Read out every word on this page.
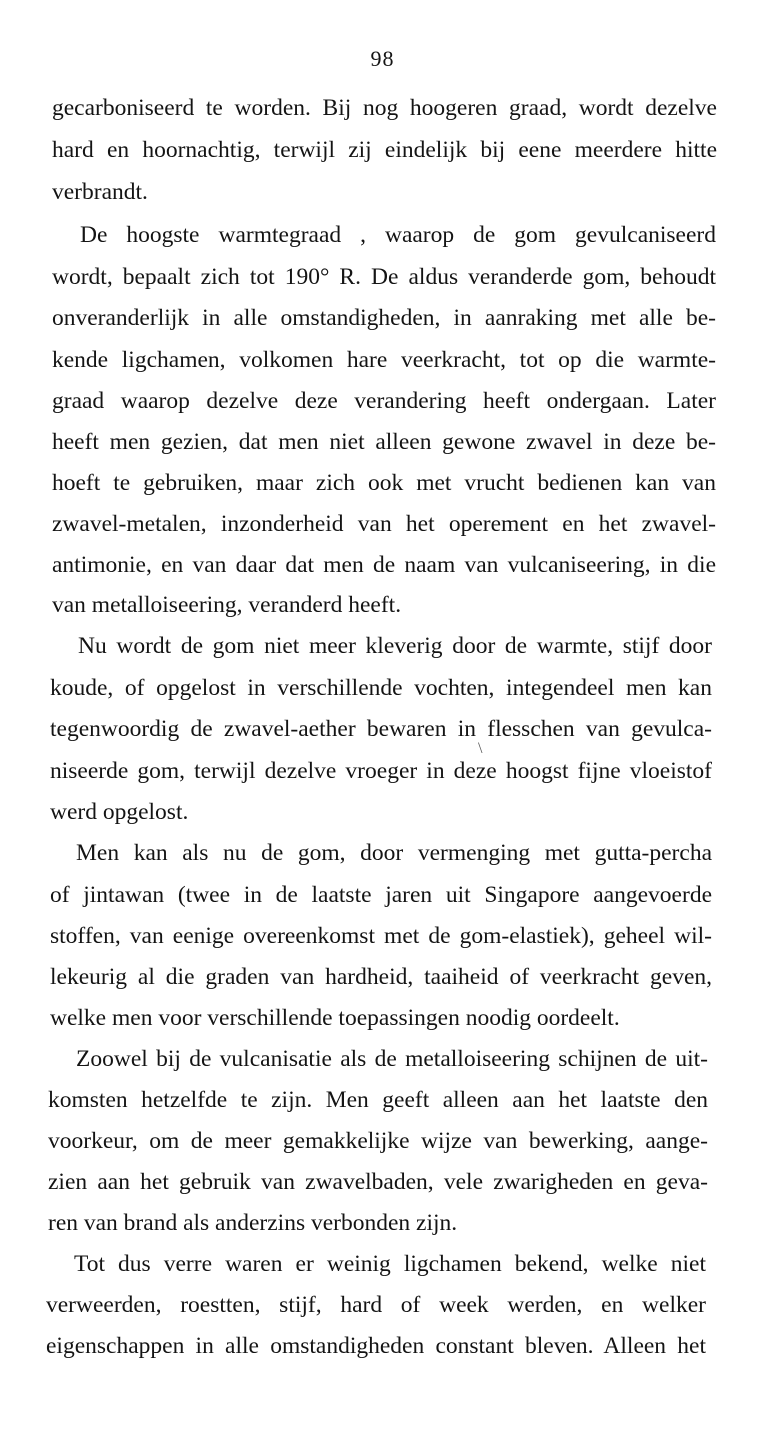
98
gecarboniseerd te worden. Bij nog hoogeren graad, wordt dezelve
hard en hoornachtig, terwijl zij eindelijk bij eene meerdere hitte
verbrandt.
De hoogste warmtegraad , waarop de gom gevulcaniseerd
wordt, bepaalt zich tot 190° R. De aldus veranderde gom, behoudt
onveranderlijk in alle omstandigheden, in aanraking met alle be-
kende ligchamen, volkomen hare veerkracht, tot op die warmte-
graad waarop dezelve deze verandering heeft ondergaan. Later
heeft men gezien, dat men niet alleen gewone zwavel in deze be-
hoeft te gebruiken, maar zich ook met vrucht bedienen kan van
zwavel-metalen, inzonderheid van het operement en het zwavel-
antimonie, en van daar dat men de naam van vulcaniseering, in die
van metalloiseering, veranderd heeft.
Nu wordt de gom niet meer kleverig door de warmte, stijf door
koude, of opgelost in verschillende vochten, integendeel men kan
tegenwoordig de zwavel-aether bewaren in flesschen van gevulca-
\
niseerde gom, terwijl dezelve vroeger in deze hoogst fijne vloeistof
werd opgelost.
Men kan als nu de gom, door vermenging met gutta-percha
of jintawan (twee in de laatste jaren uit Singapore aangevoerde
stoffen, van eenige overeenkomst met de gom-elastiek), geheel wil-
lekeurig al die graden van hardheid, taaiheid of veerkracht geven,
welke men voor verschillende toepassingen noodig oordeelt.
Zoowel bij de vulcanisatie als de metalloiseering schijnen de uit-
komsten hetzelfde te zijn. Men geeft alleen aan het laatste den
voorkeur, om de meer gemakkelijke wijze van bewerking, aange-
zien aan het gebruik van zwavelbaden, vele zwarigheden en geva-
ren van brand als anderzins verbonden zijn.
Tot dus verre waren er weinig ligchamen bekend, welke niet
verweerden, roestten, stijf, hard of week werden, en welker
eigenschappen in alle omstandigheden constant bleven. Alleen het
